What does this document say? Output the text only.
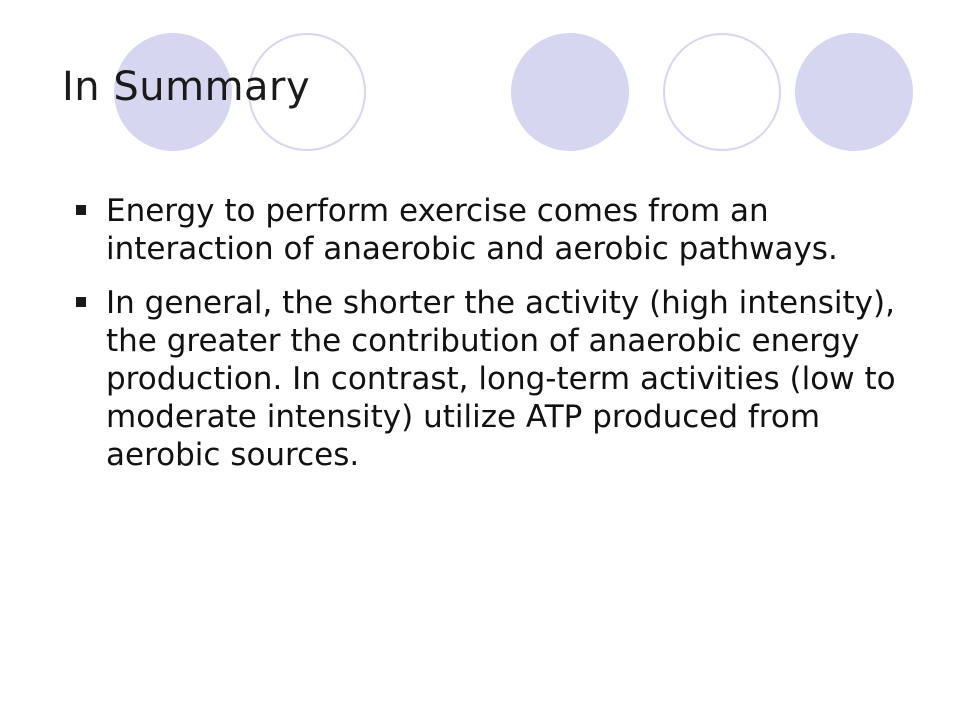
In Summary
Energy to perform exercise comes from an interaction of anaerobic and aerobic pathways.
In general, the shorter the activity (high intensity), the greater the contribution of anaerobic energy production. In contrast, long-term activities (low to moderate intensity) utilize ATP produced from aerobic sources.
